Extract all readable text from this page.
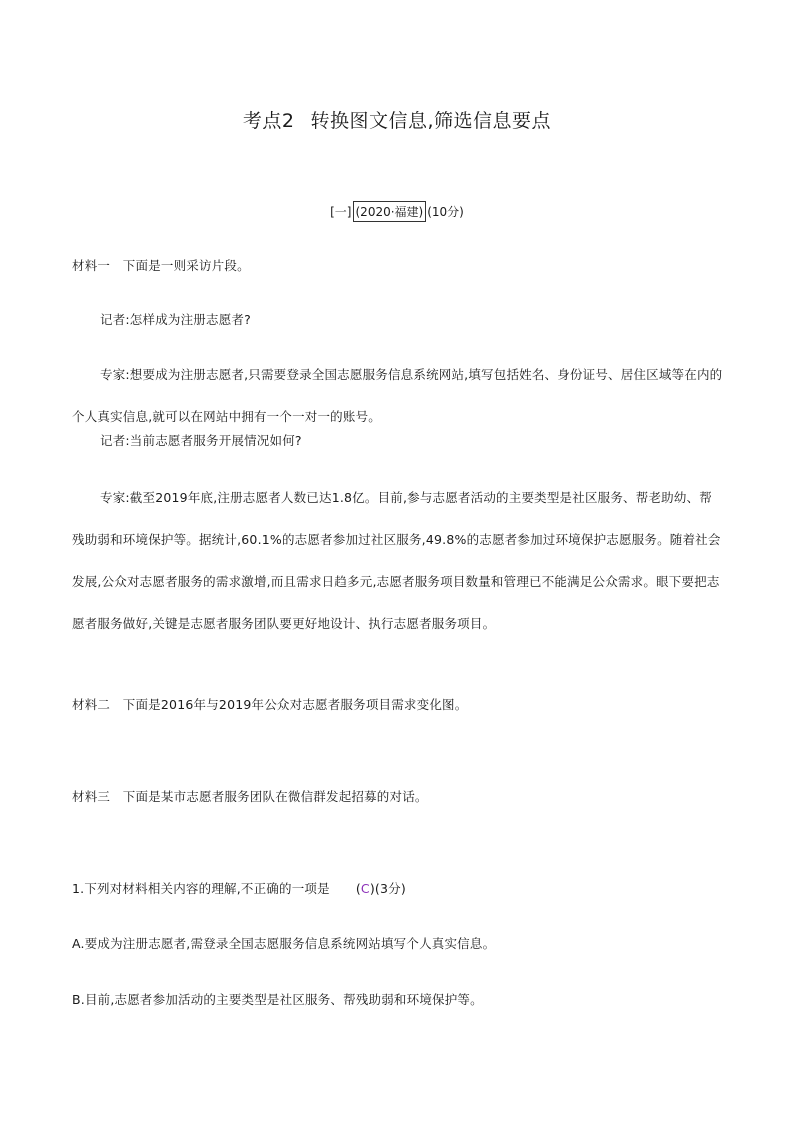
考点2 转换图文信息,筛选信息要点
[一] (2020·福建) (10分)

材料一　下面是一则采访片段。

记者:怎样成为注册志愿者?

专家:想要成为注册志愿者,只需要登录全国志愿服务信息系统网站,填写包括姓名、身份证号、居住区域等在内的个人真实信息,就可以在网站中拥有一个一对一的账号。

记者:当前志愿者服务开展情况如何?

专家:截至2019年底,注册志愿者人数已达1.8亿。目前,参与志愿者活动的主要类型是社区服务、帮老助幼、帮残助弱和环境保护等。据统计,60.1%的志愿者参加过社区服务,49.8%的志愿者参加过环境保护志愿服务。随着社会发展,公众对志愿者服务的需求激增,而且需求日趋多元,志愿者服务项目数量和管理已不能满足公众需求。眼下要把志愿者服务做好,关键是志愿者服务团队要更好地设计、执行志愿者服务项目。

材料二　下面是2016年与2019年公众对志愿者服务项目需求变化图。

材料三　下面是某市志愿者服务团队在微信群发起招募的对话。

1.下列对材料相关内容的理解,不正确的一项是 (C)(3分)

A.要成为注册志愿者,需登录全国志愿服务信息系统网站填写个人真实信息。

B.目前,志愿者参加活动的主要类型是社区服务、帮残助弱和环境保护等。
